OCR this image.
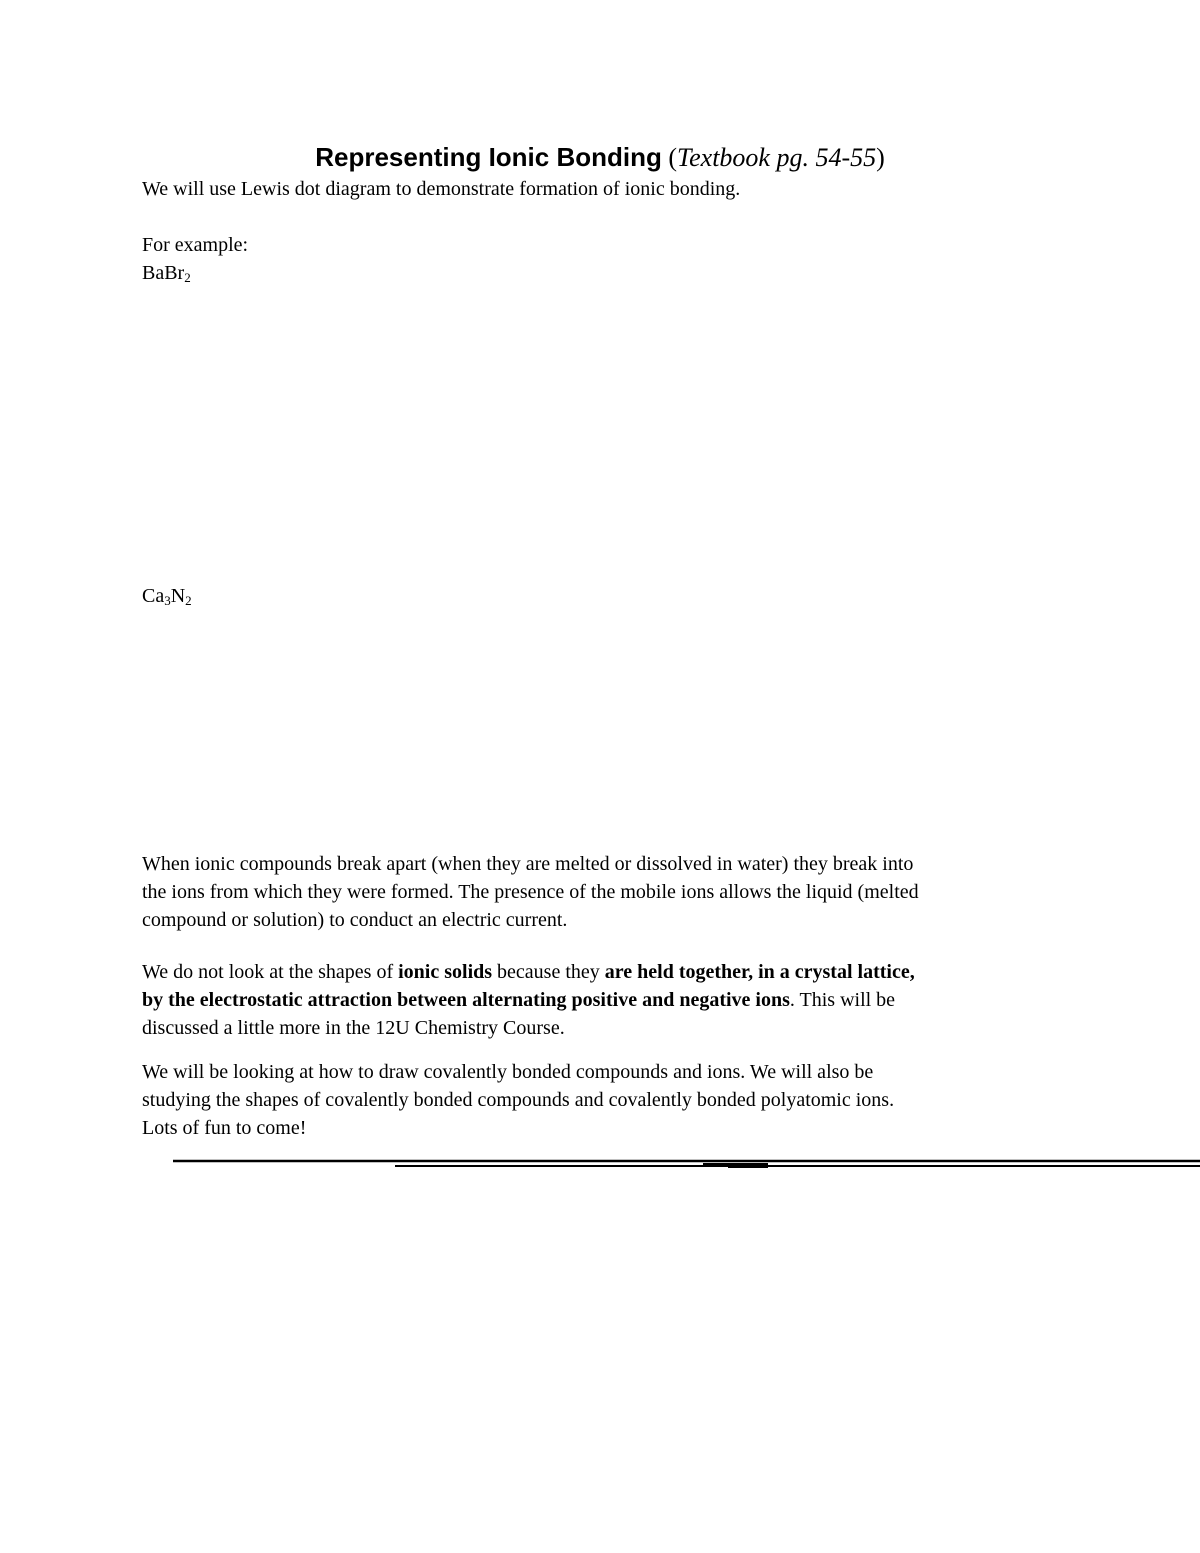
Representing Ionic Bonding (Textbook pg. 54-55)
We will use Lewis dot diagram to demonstrate formation of ionic bonding.
For example:
BaBr$_2$
$Ca_3N_2$
When ionic compounds break apart (when they are melted or dissolved in water) they break into
the ions from which they were formed. The presence of the mobile ions allows the liquid (melted
compound or solution) to conduct an electric current.
We do not look at the shapes of ionic solids because they are held together, in a crystal lattice,
by the electrostatic attraction between alternating positive and negative ions. This will be
discussed a little more in the 12U Chemistry Course.
We will be looking at how to draw covalently bonded compounds and ions. We will also be
studying the shapes of covalently bonded compounds and covalently bonded polyatomic ions.
Lots of fun to come!
